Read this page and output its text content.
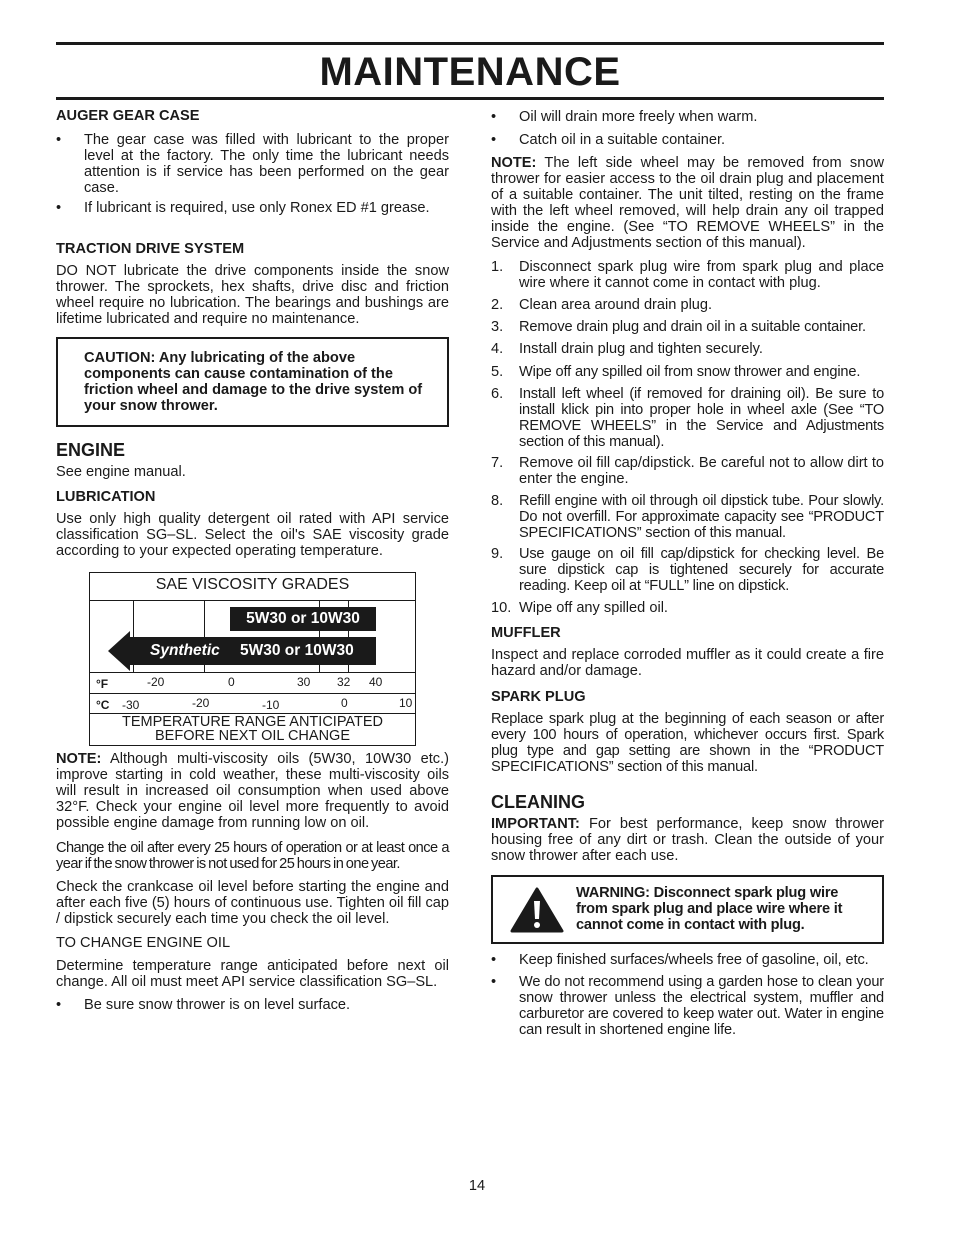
MAINTENANCE
AUGER GEAR CASE
• The gear case was filled with lubricant to the proper level at the factory. The only time the lubricant needs attention is if service has been performed on the gear case.
• If lubricant is required, use only Ronex ED #1 grease.
TRACTION DRIVE SYSTEM

DO NOT lubricate the drive components inside the snow thrower. The sprockets, hex shafts, drive disc and friction wheel require no lubrication. The bearings and bushings are lifetime lubricated and require no maintenance.

CAUTION: Any lubricating of the above components can cause contamination of the friction wheel and damage to the drive system of your snow thrower.
ENGINE

See engine manual.

LUBRICATION

Use only high quality detergent oil rated with API service classification SG–SL. Select the oil's SAE viscosity grade according to your expected operating temperature.

SAE VISCOSITY GRADES
5W30 or 10W30
Synthetic 5W30 or 10W30
°F	-20	0	30 32 40
°C -30	-20	-10	0	10
TEMPERATURE RANGE ANTICIPATED
BEFORE NEXT OIL CHANGE

NOTE: Although multi-viscosity oils (5W30, 10W30 etc.) improve starting in cold weather, these multi-viscosity oils will result in increased oil consumption when used above 32°F. Check your engine oil level more frequently to avoid possible engine damage from running low on oil.

Change the oil after every 25 hours of operation or at least once a year if the snow thrower is not used for 25 hours in one year.

Check the crankcase oil level before starting the engine and after each five (5) hours of continuous use. Tighten oil fill cap / dipstick securely each time you check the oil level.

TO CHANGE ENGINE OIL

Determine temperature range anticipated before next oil change. All oil must meet API service classification SG–SL.

• Be sure snow thrower is on level surface.
• Oil will drain more freely when warm.
• Catch oil in a suitable container.

NOTE: The left side wheel may be removed from snow thrower for easier access to the oil drain plug and placement of a suitable container. The unit tilted, resting on the frame with the left wheel removed, will help drain any oil trapped inside the engine. (See “TO REMOVE WHEELS” in the Service and Adjustments section of this manual).

1. Disconnect spark plug wire from spark plug and place wire where it cannot come in contact with plug.
2. Clean area around drain plug.
3. Remove drain plug and drain oil in a suitable container.
4. Install drain plug and tighten securely.
5. Wipe off any spilled oil from snow thrower and engine.
6. Install left wheel (if removed for draining oil). Be sure to install klick pin into proper hole in wheel axle (See “TO REMOVE WHEELS” in the Service and Adjustments section of this manual).
7. Remove oil fill cap/dipstick. Be careful not to allow dirt to enter the engine.
8. Refill engine with oil through oil dipstick tube. Pour slowly. Do not overfill. For approximate capacity see “PRODUCT SPECIFICATIONS” section of this manual.
9. Use gauge on oil fill cap/dipstick for checking level. Be sure dipstick cap is tightened securely for accurate reading. Keep oil at “FULL” line on dipstick.
10. Wipe off any spilled oil.
MUFFLER

Inspect and replace corroded muffler as it could create a fire hazard and/or damage.

SPARK PLUG

Replace spark plug at the beginning of each season or after every 100 hours of operation, whichever occurs first. Spark plug type and gap setting are shown in the “PRODUCT SPECIFICATIONS” section of this manual.

CLEANING

IMPORTANT: For best performance, keep snow thrower housing free of any dirt or trash. Clean the outside of your snow thrower after each use.

WARNING: Disconnect spark plug wire from spark plug and place wire where it cannot come in contact with plug.
• Keep finished surfaces/wheels free of gasoline, oil, etc.
• We do not recommend using a garden hose to clean your snow thrower unless the electrical system, muffler and carburetor are covered to keep water out. Water in engine can result in shortened engine life.
14
